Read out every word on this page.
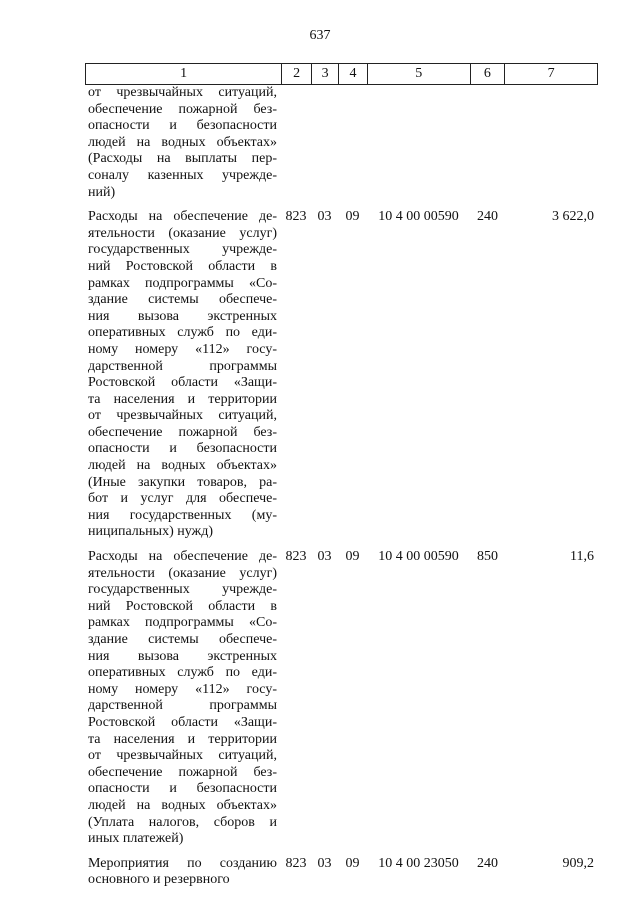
637
1	2	3	4	5	6	7
от чрезвычайных ситуаций,
обеспечение пожарной без-
опасности и безопасности
людей на водных объектах»
(Расходы на выплаты пер-
соналу казенных учрежде-
ний)
Расходы на обеспечение де-
ятельности (оказание услуг)
государственных учрежде-
ний Ростовской области в
рамках подпрограммы «Со-
здание системы обеспече-
ния вызова экстренных
оперативных служб по еди-
ному номеру «112» госу-
дарственной программы
Ростовской области «Защи-
та населения и территории
от чрезвычайных ситуаций,
обеспечение пожарной без-
опасности и безопасности
людей на водных объектах»
(Иные закупки товаров, ра-
бот и услуг для обеспече-
ния государственных (му-
ниципальных) нужд)
823 03	09	10 4 00 00590	240	3 622,0
Расходы на обеспечение де-
ятельности (оказание услуг)
государственных учрежде-
ний Ростовской области в
рамках подпрограммы «Со-
здание системы обеспече-
ния вызова экстренных
оперативных служб по еди-
ному номеру «112» госу-
дарственной программы
Ростовской области «Защи-
та населения и территории
от чрезвычайных ситуаций,
обеспечение пожарной без-
опасности и безопасности
людей на водных объектах»
(Уплата налогов, сборов и
иных платежей)
823 03	09	10 4 00 00590	850	11,6
Мероприятия по созданию
основного и резервного
823 03	09	10 4 00 23050	240	909,2
